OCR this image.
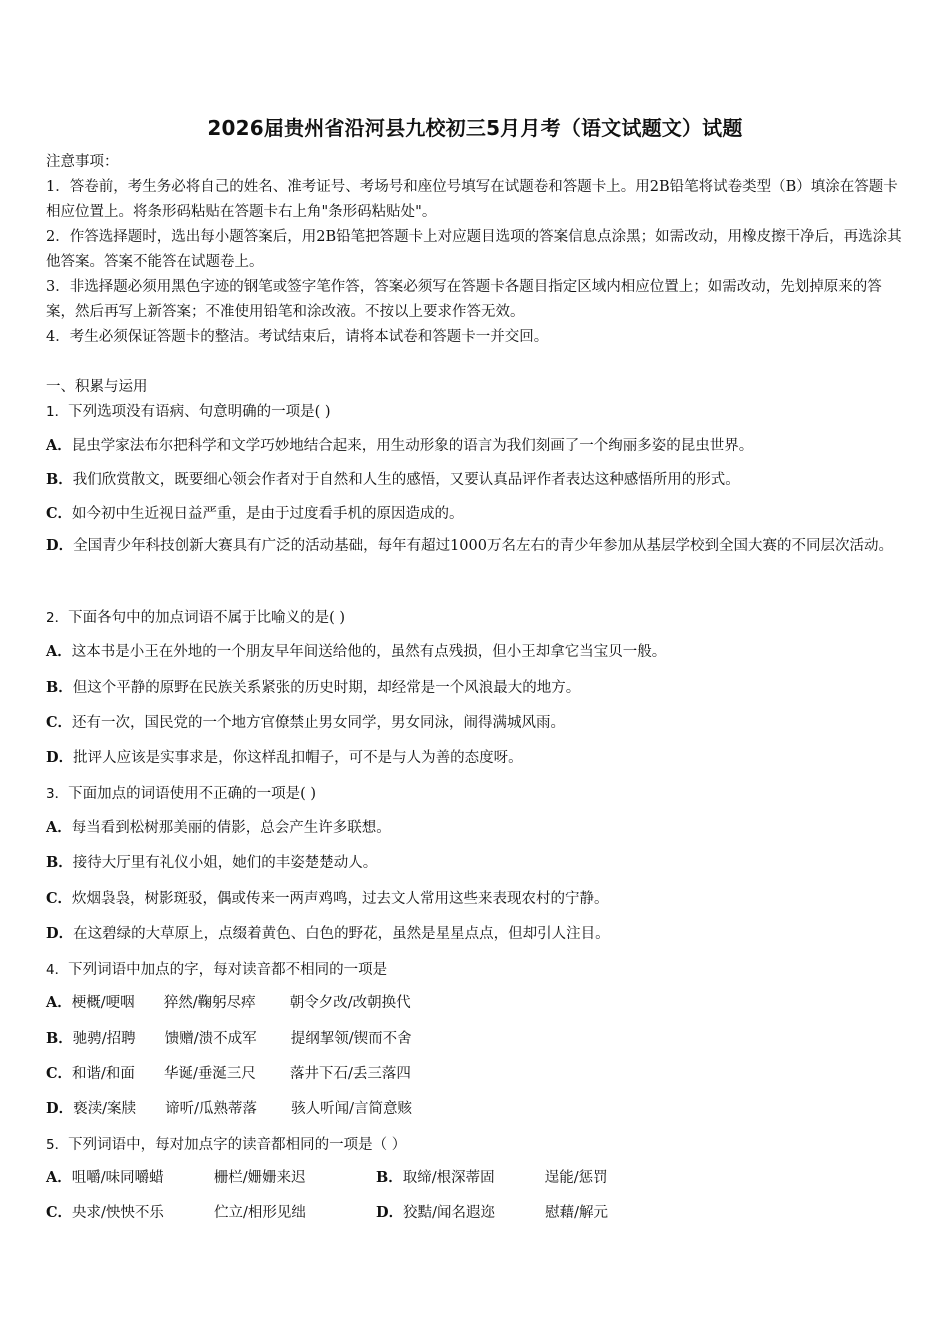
2026届贵州省沿河县九校初三5月月考（语文试题文）试题

注意事项：

1．答卷前，考生务必将自己的姓名、准考证号、考场号和座位号填写在试题卷和答题卡上。用2B铅笔将试卷类型（B）填涂在答题卡相应位置上。将条形码粘贴在答题卡右上角"条形码粘贴处"。

2．作答选择题时，选出每小题答案后，用2B铅笔把答题卡上对应题目选项的答案信息点涂黑；如需改动，用橡皮擦干净后，再选涂其他答案。答案不能答在试题卷上。

3．非选择题必须用黑色字迹的钢笔或签字笔作答，答案必须写在答题卡各题目指定区域内相应位置上；如需改动，先划掉原来的答案，然后再写上新答案；不准使用铅笔和涂改液。不按以上要求作答无效。

4．考生必须保证答题卡的整洁。考试结束后，请将本试卷和答题卡一并交回。

一、积累与运用
1．下列选项没有语病、句意明确的一项是( )
A．昆虫学家法布尔把科学和文学巧妙地结合起来，用生动形象的语言为我们刻画了一个绚丽多姿的昆虫世界。
B．我们欣赏散文，既要细心领会作者对于自然和人生的感悟，又要认真品评作者表达这种感悟所用的形式。
C．如今初中生近视日益严重，是由于过度看手机的原因造成的。
D．全国青少年科技创新大赛具有广泛的活动基础，每年有超过1000万名左右的青少年参加从基层学校到全国大赛的不同层次活动。
2．下面各句中的加点词语不属于比喻义的是( )
A．这本书是小王在外地的一个朋友早年间送给他的，虽然有点残损，但小王却拿它当宝贝一般。
B．但这个平静的原野在民族关系紧张的历史时期，却经常是一个风浪最大的地方。
C．还有一次，国民党的一个地方官僚禁止男女同学，男女同泳，闹得满城风雨。
D．批评人应该是实事求是，你这样乱扣帽子，可不是与人为善的态度呀。
3．下面加点的词语使用不正确的一项是( )
A．每当看到松树那美丽的倩影，总会产生许多联想。
B．接待大厅里有礼仪小姐，她们的丰姿楚楚动人。
C．炊烟袅袅，树影斑驳，偶或传来一两声鸡鸣，过去文人常用这些来表现农村的宁静。
D．在这碧绿的大草原上，点缀着黄色、白色的野花，虽然是星星点点，但却引人注目。
4．下列词语中加点的字，每对读音都不相同的一项是
A．梗概/哽咽 猝然/鞠躬尽瘁 朝令夕改/改朝换代
B．驰骋/招聘 馈赠/溃不成军 提纲挈领/锲而不舍
C．和谐/和面 华诞/垂涎三尺 落井下石/丢三落四
D．亵渎/案牍 谛听/瓜熟蒂落 骇人听闻/言简意赅
5．下列词语中，每对加点字的读音都相同的一项是（ ）
A．咀嚼/味同嚼蜡	栅栏/姗姗来迟	B．取缔/根深蒂固	逞能/惩罚
C．央求/怏怏不乐	伫立/相形见绌	D．狡黠/闻名遐迩	慰藉/解元
